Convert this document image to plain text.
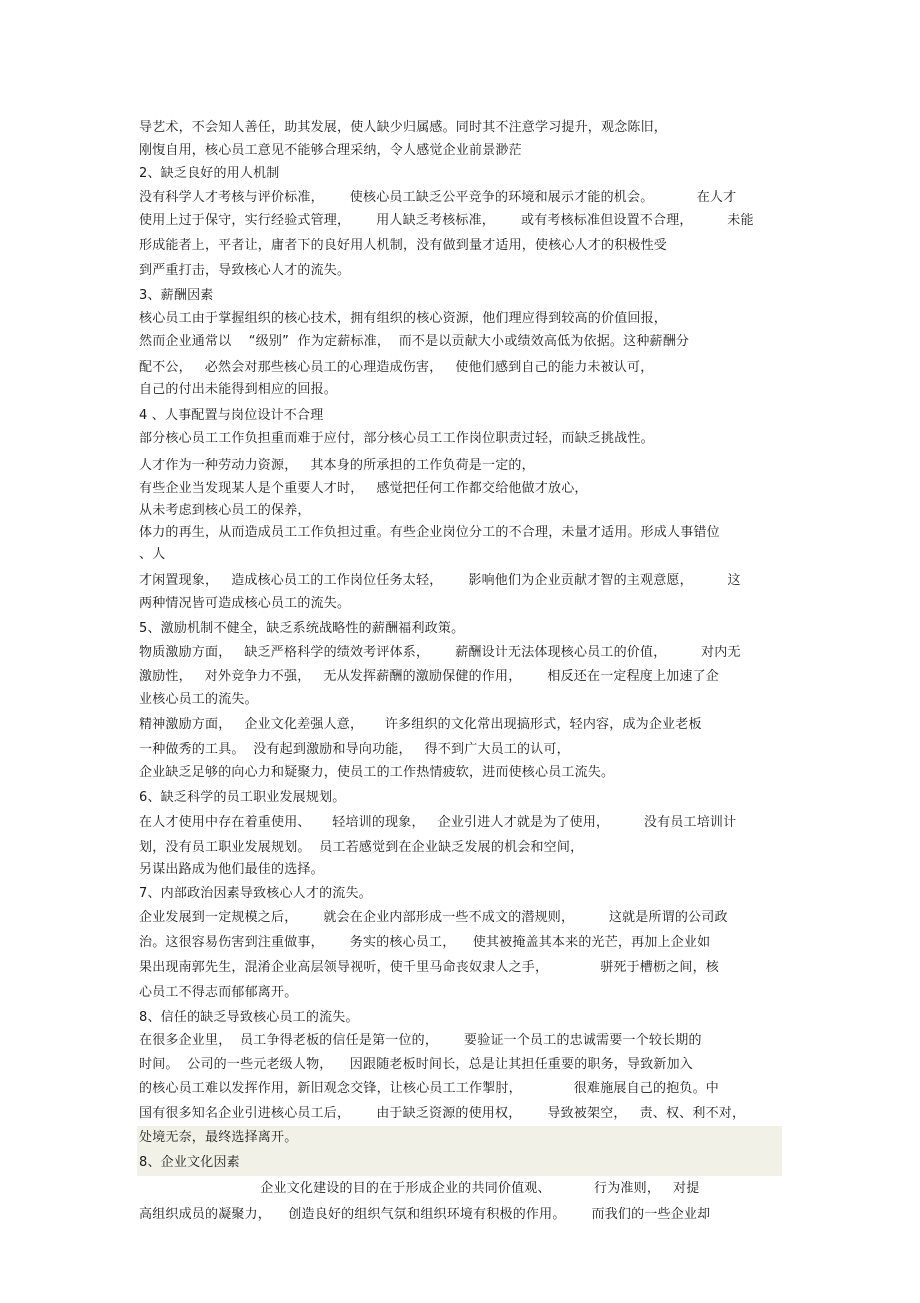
导艺术，不会知人善任，助其发展，使人缺少归属感。同时其不注意学习提升，观念陈旧，
刚愎自用，核心员工意见不能够合理采纳，令人感觉企业前景渺茫
2、缺乏良好的用人机制
没有科学人才考核与评价标准，      使核心员工缺乏公平竞争的环境和展示才能的机会。          在人才
使用上过于保守，实行经验式管理，      用人缺乏考核标准，      或有考核标准但设置不合理，        未能
形成能者上，平者让，庸者下的良好用人机制，没有做到量才适用，使核心人才的积极性受
到严重打击，导致核心人才的流失。
3、薪酬因素
核心员工由于掌握组织的核心技术，拥有组织的核心资源，他们理应得到较高的价值回报，
然而企业通常以    “级别”  作为定薪标准，  而不是以贡献大小或绩效高低为依据。这种薪酬分
配不公，   必然会对那些核心员工的心理造成伤害，   使他们感到自己的能力未被认可，
自己的付出未能得到相应的回报。
4 、人事配置与岗位设计不合理
部分核心员工工作负担重而难于应付，部分核心员工工作岗位职责过轻，而缺乏挑战性。
人才作为一种劳动力资源，   其本身的所承担的工作负荷是一定的，
有些企业当发现某人是个重要人才时，   感觉把任何工作都交给他做才放心，
从未考虑到核心员工的保养，
体力的再生，从而造成员工工作负担过重。有些企业岗位分工的不合理，未量才适用。形成人事错位
、人
才闲置现象，   造成核心员工的工作岗位任务太轻，      影响他们为企业贡献才智的主观意愿，        这
两种情况皆可造成核心员工的流失。
5、激励机制不健全，缺乏系统战略性的薪酬福利政策。
物质激励方面，   缺乏严格科学的绩效考评体系，      薪酬设计无法体现核心员工的价值，        对内无
激励性，   对外竞争力不强，   无从发挥薪酬的激励保健的作用，      相反还在一定程度上加速了企
业核心员工的流失。
精神激励方面，   企业文化差强人意，     许多组织的文化常出现搞形式，轻内容，成为企业老板
一种做秀的工具。  没有起到激励和导向功能，   得不到广大员工的认可，
企业缺乏足够的向心力和疑聚力，使员工的工作热情疲软，进而使核心员工流失。
6、缺乏科学的员工职业发展规划。
在人才使用中存在着重使用、     轻培训的现象，   企业引进人才就是为了使用，        没有员工培训计
划，没有员工职业发展规划。  员工若感觉到在企业缺乏发展的机会和空间，
另谋出路成为他们最佳的选择。
7、内部政治因素导致核心人才的流失。
企业发展到一定规模之后，      就会在企业内部形成一些不成文的潜规则，        这就是所谓的公司政
治。这很容易伤害到注重做事，      务实的核心员工，    使其被掩盖其本来的光芒，再加上企业如
果出现南郭先生，混淆企业高层领导视听，使千里马命丧奴隶人之手，            骈死于槽枥之间，核
心员工不得志而郁郁离开。
8、信任的缺乏导致核心员工的流失。
在很多企业里，  员工争得老板的信任是第一位的，      要验证一个员工的忠诚需要一个较长期的
时间。  公司的一些元老级人物，    因跟随老板时间长，总是让其担任重要的职务，导致新加入
的核心员工难以发挥作用，新旧观念交锋，让核心员工工作掣肘，            很难施展自己的抱负。中
国有很多知名企业引进核心员工后，      由于缺乏资源的使用权，      导致被架空，   责、权、利不对，
处境无奈，最终选择离开。
8、企业文化因素
企业文化建设的目的在于形成企业的共同价值观、          行为准则，   对提
高组织成员的凝聚力，    创造良好的组织气氛和组织环境有积极的作用。      而我们的一些企业却
